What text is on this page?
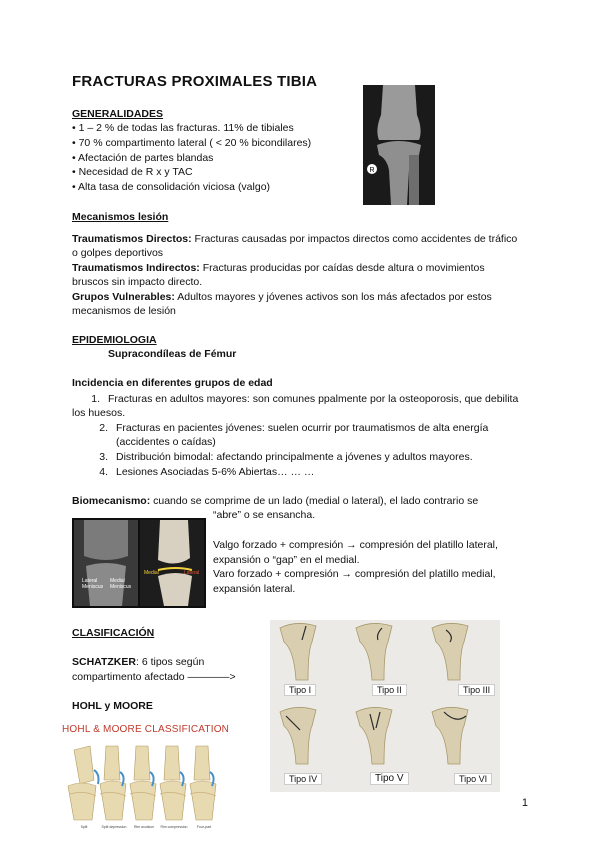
FRACTURAS PROXIMALES TIBIA
GENERALIDADES
• 1 – 2 % de todas las fracturas. 11% de tibiales
• 70 % compartimento lateral ( < 20 % bicondilares)
• Afectación de partes blandas
• Necesidad de R x y TAC
• Alta tasa de consolidación viciosa (valgo)
R
Mecanismos lesión
Traumatismos Directos: Fracturas causadas por impactos directos como accidentes de tráfico o golpes deportivos
Traumatismos Indirectos: Fracturas producidas por caídas desde altura o movimientos bruscos sin impacto directo.
Grupos Vulnerables: Adultos mayores y jóvenes activos son los más afectados por estos mecanismos de lesión
EPIDEMIOLOGIA
Supracondíleas de Fémur
Incidencia en diferentes grupos de edad
1. Fracturas en adultos mayores: son comunes ppalmente por la osteoporosis, que debilita los huesos.
2. Fracturas en pacientes jóvenes: suelen ocurrir por traumatismos de alta energía (accidentes o caídas)
3. Distribución bimodal: afectando principalmente a jóvenes y adultos mayores.
4. Lesiones Asociadas 5-6% Abiertas… … …
Biomecanismo: cuando se comprime de un lado (medial o lateral), el lado contrario se
“abre” o se ensancha.
Lateral
Meniscus
Medial
Meniscus
Medial	Lateral
Valgo forzado + compresión → compresión del platillo lateral, expansión o “gap” en el medial.
Varo forzado + compresión → compresión del platillo medial, expansión lateral.
CLASIFICACIÓN
SCHATZKER: 6 tipos según
compartimento afectado ————>
HOHL y MOORE
HOHL & MOORE CLASSIFICATION
Split	Split depression Rim avulsion Rim compression	Four-part
Tipo I	Tipo II	Tipo III
Tipo IV	Tipo V	Tipo VI
1
